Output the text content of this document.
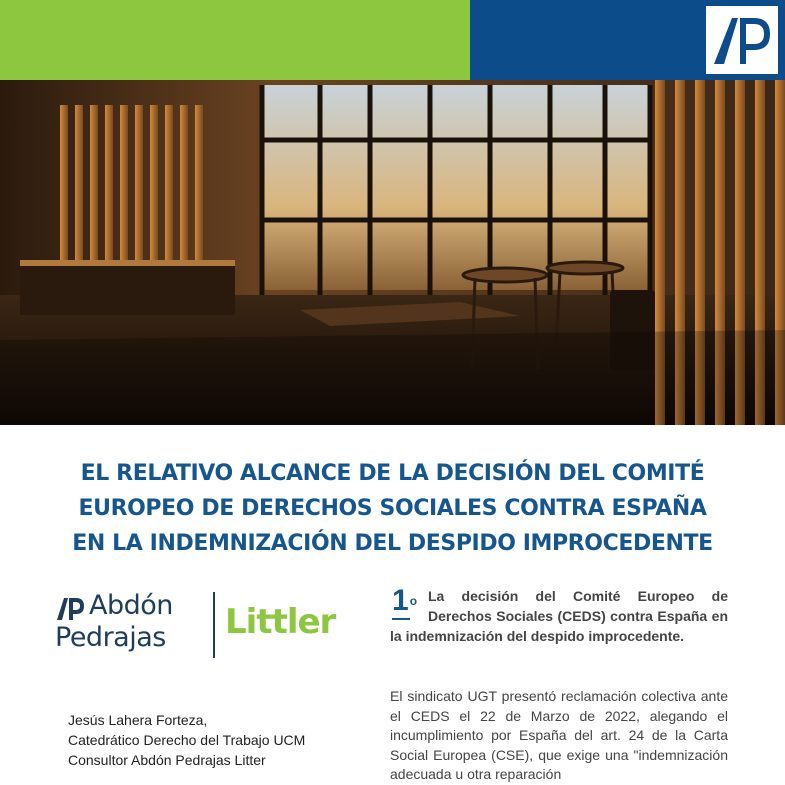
EL RELATIVO ALCANCE DE LA DECISIÓN DEL COMITÉ
EUROPEO DE DERECHOS SOCIALES CONTRA ESPAÑA
EN LA INDEMNIZACIÓN DEL DESPIDO IMPROCEDENTE
Abdón
Pedrajas Littler
Jesús Lahera Forteza,
Catedrático Derecho del Trabajo UCM
Consultor Abdón Pedrajas Litter
1$^o$ La decisión del Comité Europeo de Derechos Sociales (CEDS) contra España en la indemnización del despido improcedente.
El sindicato UGT presentó reclamación colectiva ante el CEDS el 22 de Marzo de 2022, alegando el incumplimiento por España del art. 24 de la Carta Social Europea (CSE), que exige una "indemnización adecuada u otra reparación
